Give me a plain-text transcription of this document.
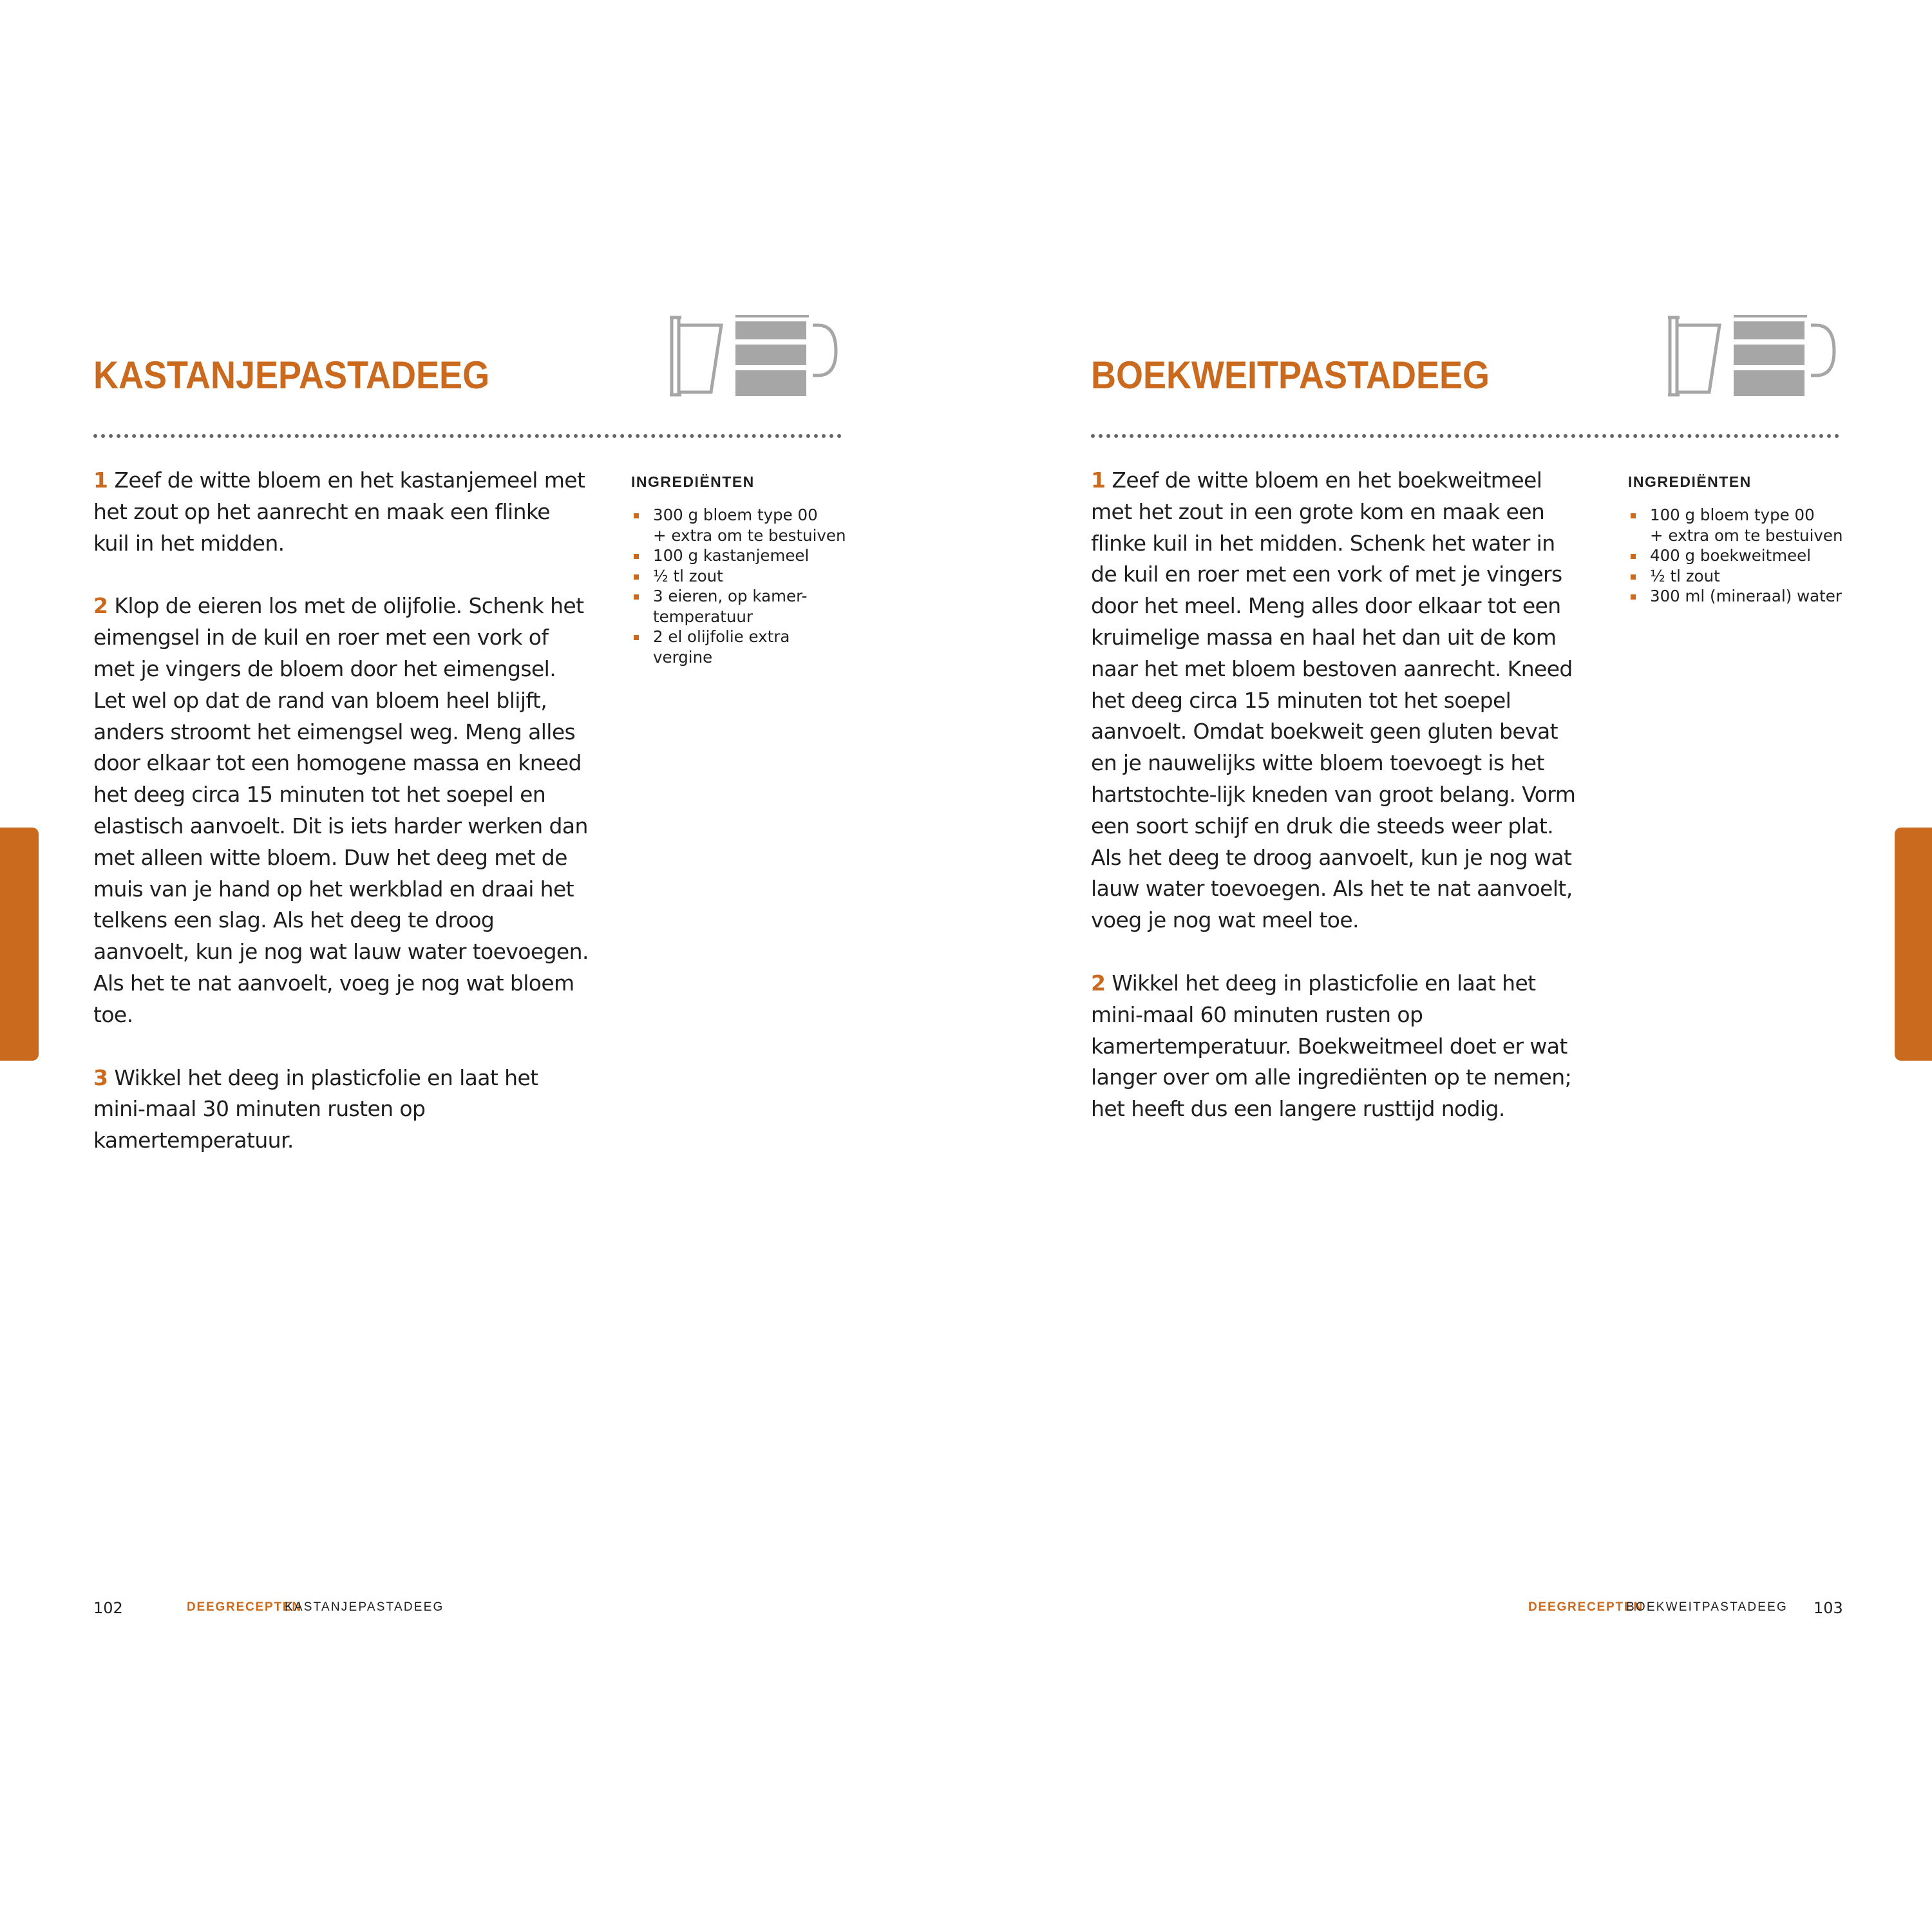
KASTANJEPASTADEEG

1 Zeef de witte bloem en het kastanjemeel met het zout op het aanrecht en maak een flinke kuil in het midden.

2 Klop de eieren los met de olijfolie. Schenk het eimengsel in de kuil en roer met een vork of met je vingers de bloem door het eimengsel. Let wel op dat de rand van bloem heel blijft, anders stroomt het eimengsel weg. Meng alles door elkaar tot een homogene massa en kneed het deeg circa 15 minuten tot het soepel en elastisch aanvoelt. Dit is iets harder werken dan met alleen witte bloem. Duw het deeg met de muis van je hand op het werkblad en draai het telkens een slag. Als het deeg te droog aanvoelt, kun je nog wat lauw water toevoegen. Als het te nat aanvoelt, voeg je nog wat bloem toe.

3 Wikkel het deeg in plasticfolie en laat het mini-maal 30 minuten rusten op kamertemperatuur.

INGREDIËNTEN
300 g bloem type 00
+ extra om te bestuiven
100 g kastanjemeel
½ tl zout
3 eieren, op kamer-
temperatuur
2 el olijfolie extra vergine
102	DEEGRECEPTEN
KASTANJEPASTADEEG
BOEKWEITPASTADEEG

1 Zeef de witte bloem en het boekweitmeel met het zout in een grote kom en maak een flinke kuil in het midden. Schenk het water in de kuil en roer met een vork of met je vingers door het meel. Meng alles door elkaar tot een kruimelige massa en haal het dan uit de kom naar het met bloem bestoven aanrecht. Kneed het deeg circa 15 minuten tot het soepel aanvoelt. Omdat boekweit geen gluten bevat en je nauwelijks witte bloem toevoegt is het hartstochte-lijk kneden van groot belang. Vorm een soort schijf en druk die steeds weer plat. Als het deeg te droog aanvoelt, kun je nog wat lauw water toevoegen. Als het te nat aanvoelt, voeg je nog wat meel toe.

2 Wikkel het deeg in plasticfolie en laat het mini-maal 60 minuten rusten op kamertemperatuur. Boekweitmeel doet er wat langer over om alle ingrediënten op te nemen; het heeft dus een langere rusttijd nodig.

INGREDIËNTEN
100 g bloem type 00
+ extra om te bestuiven
400 g boekweitmeel
½ tl zout
300 ml (mineraal) water
DEEGRECEPTEN
BOEKWEITPASTADEEG 103
